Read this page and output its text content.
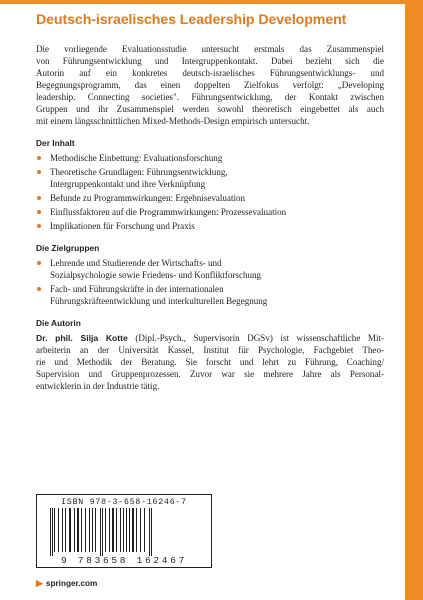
Deutsch-israelisches Leadership Development

Die vorliegende Evaluationsstudie untersucht erstmals das Zusammenspiel
von Führungsentwicklung und Intergruppenkontakt. Dabei bezieht sich die
Autorin auf ein konkretes deutsch-israelisches Führungsentwicklungs- und
Begegnungsprogramm, das einen doppelten Zielfokus verfolgt: „Developing
leadership. Connecting societies". Führungsentwicklung, der Kontakt zwischen
Gruppen und ihr Zusammenspiel werden sowohl theoretisch eingebettet als auch
mit einem längsschnittlichen Mixed-Methods-Design empirisch untersucht.

Der Inhalt
Methodische Einbettung: Evaluationsforschung
Theoretische Grundlagen: Führungsentwicklung,
Intergruppenkontakt und ihre Verknüpfung
Befunde zu Programmwirkungen: Ergebnisevaluation
Einflussfaktoren auf die Programmwirkungen: Prozessevaluation
Implikationen für Forschung und Praxis
Die Zielgruppen
Lehrende und Studierende der Wirtschafts- und
Sozialpsychologie sowie Friedens- und Konfliktforschung
Fach- und Führungskräfte in der internationalen
Führungskräfteentwicklung und interkulturellen Begegnung
Die Autorin
Dr. phil. Silja Kotte (Dipl.-Psych., Supervisorin DGSv) ist wissenschaftliche Mit-
arbeiterin an der Universität Kassel, Institut für Psychologie, Fachgebiet Theo-
rie und Methodik der Beratung. Sie forscht und lehrt zu Führung, Coaching/
Supervision und Gruppenprozessen. Zuvor war sie mehrere Jahre als Personal-
entwicklerin in der Industrie tätig.
ISBN 978-3-658-16246-7
9 783658 162467
▶ springer.com
